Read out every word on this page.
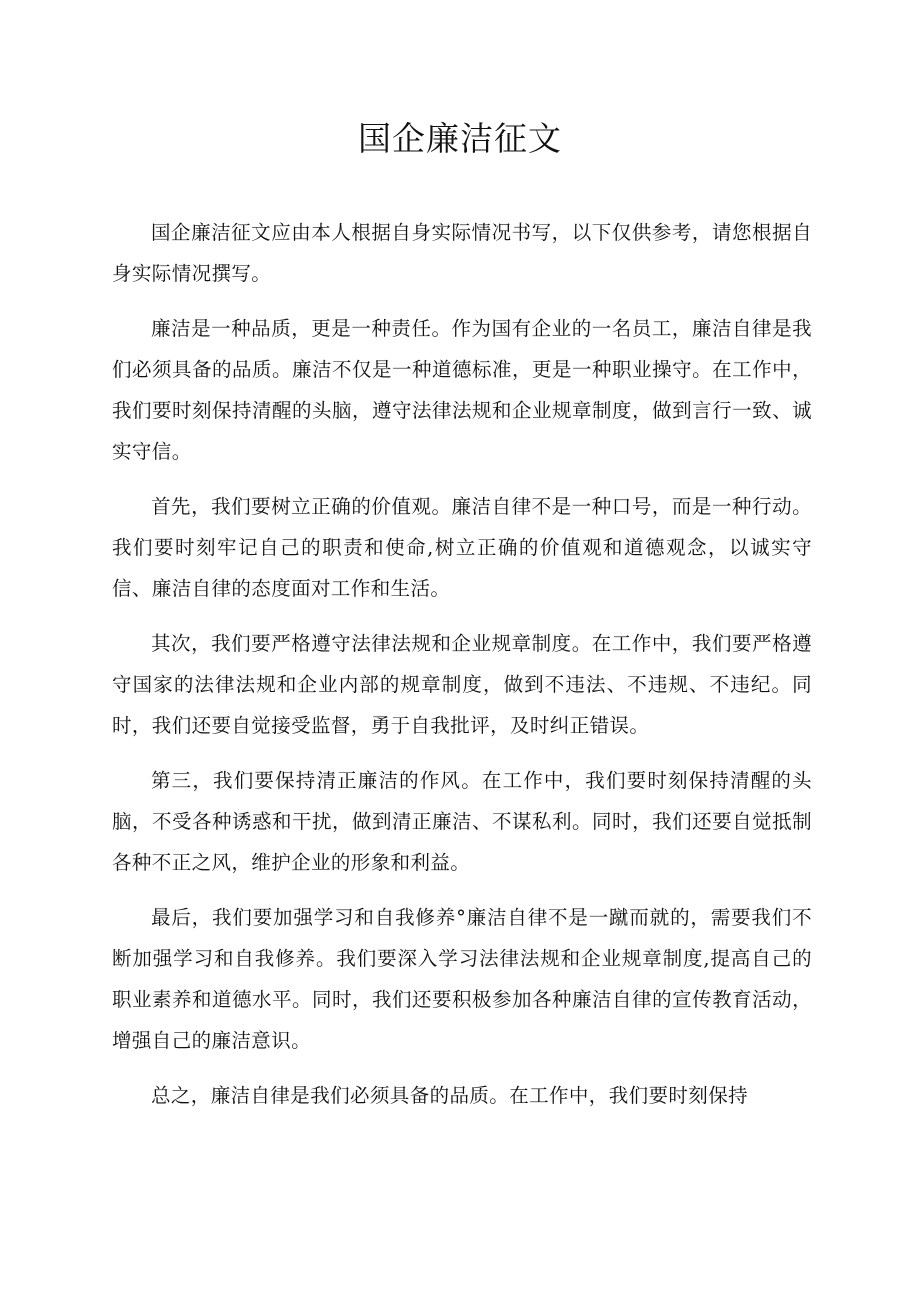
国企廉洁征文

国企廉洁征文应由本人根据自身实际情况书写，以下仅供参考，请您根据自身实际情况撰写。

廉洁是一种品质，更是一种责任。作为国有企业的一名员工，廉洁自律是我们必须具备的品质。廉洁不仅是一种道德标准，更是一种职业操守。在工作中，我们要时刻保持清醒的头脑，遵守法律法规和企业规章制度，做到言行一致、诚实守信。

首先，我们要树立正确的价值观。廉洁自律不是一种口号，而是一种行动。我们要时刻牢记自己的职责和使命,树立正确的价值观和道德观念，以诚实守信、廉洁自律的态度面对工作和生活。

其次，我们要严格遵守法律法规和企业规章制度。在工作中，我们要严格遵守国家的法律法规和企业内部的规章制度，做到不违法、不违规、不违纪。同时，我们还要自觉接受监督，勇于自我批评，及时纠正错误。

第三，我们要保持清正廉洁的作风。在工作中，我们要时刻保持清醒的头脑，不受各种诱惑和干扰，做到清正廉洁、不谋私利。同时，我们还要自觉抵制各种不正之风，维护企业的形象和利益。

最后，我们要加强学习和自我修养°廉洁自律不是一蹴而就的，需要我们不断加强学习和自我修养。我们要深入学习法律法规和企业规章制度,提高自己的职业素养和道德水平。同时，我们还要积极参加各种廉洁自律的宣传教育活动，增强自己的廉洁意识。

总之，廉洁自律是我们必须具备的品质。在工作中，我们要时刻保持
